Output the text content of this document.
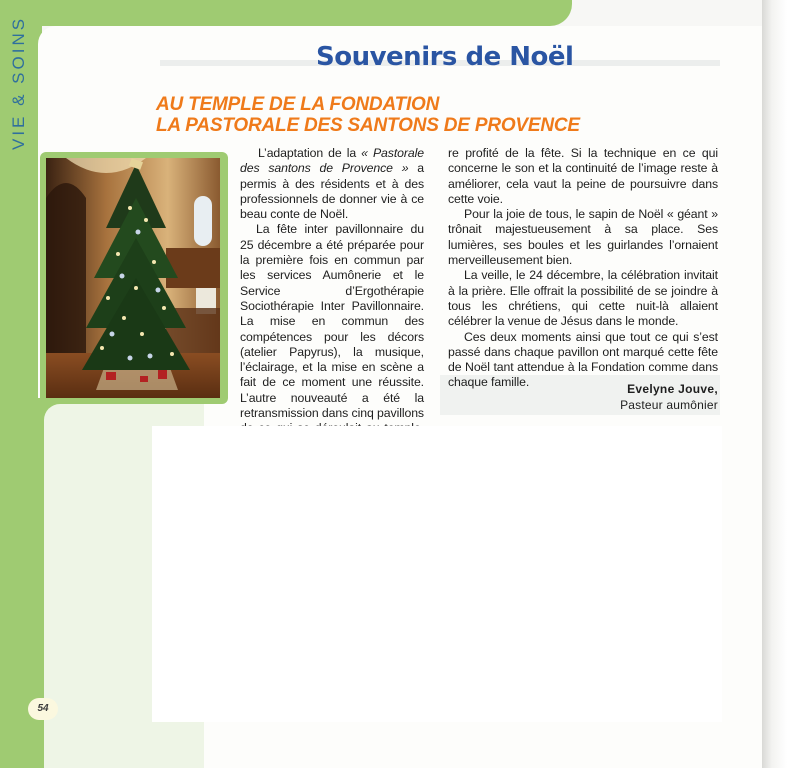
VIE & SOINS	Souvenirs de Noël
AU TEMPLE DE LA FONDATION
LA PASTORALE DES SANTONS DE PROVENCE

L’adaptation de la « Pastorale des santons de Provence » a permis à des résidents et à des professionnels de donner vie à ce beau conte de Noël.

La fête inter pavillonnaire du 25 décembre a été préparée pour la première fois en commun par les services Aumônerie et le Service d’Ergothérapie Sociothérapie Inter Pavillonnaire. La mise en commun des compétences pour les décors (atelier Papyrus), la musique, l’éclairage, et la mise en scène a fait de ce moment une réussite. L’autre nouveauté a été la retransmission dans cinq pavillons

re profité de la fête. Si la technique en ce qui concerne le son et la continuité de l’image reste à améliorer, cela vaut la peine de poursuivre dans cette voie.

Pour la joie de tous, le sapin de Noël « géant » trônait majestueusement à sa place. Ses lumières, ses boules et les guirlandes l’ornaient merveilleusement bien.

La veille, le 24 décembre, la célébration invitait à la prière. Elle offrait la possibilité de se joindre à tous les chrétiens, qui cette nuit-là allaient célébrer la venue de Jésus dans le monde.

Ces deux moments ainsi que tout ce qui s’est passé dans chaque pavillon ont marqué cette fête de Noël tant attendue à la Fondation comme dans chaque famille.	Evelyne Jouve,
Pasteur aumônier
54
